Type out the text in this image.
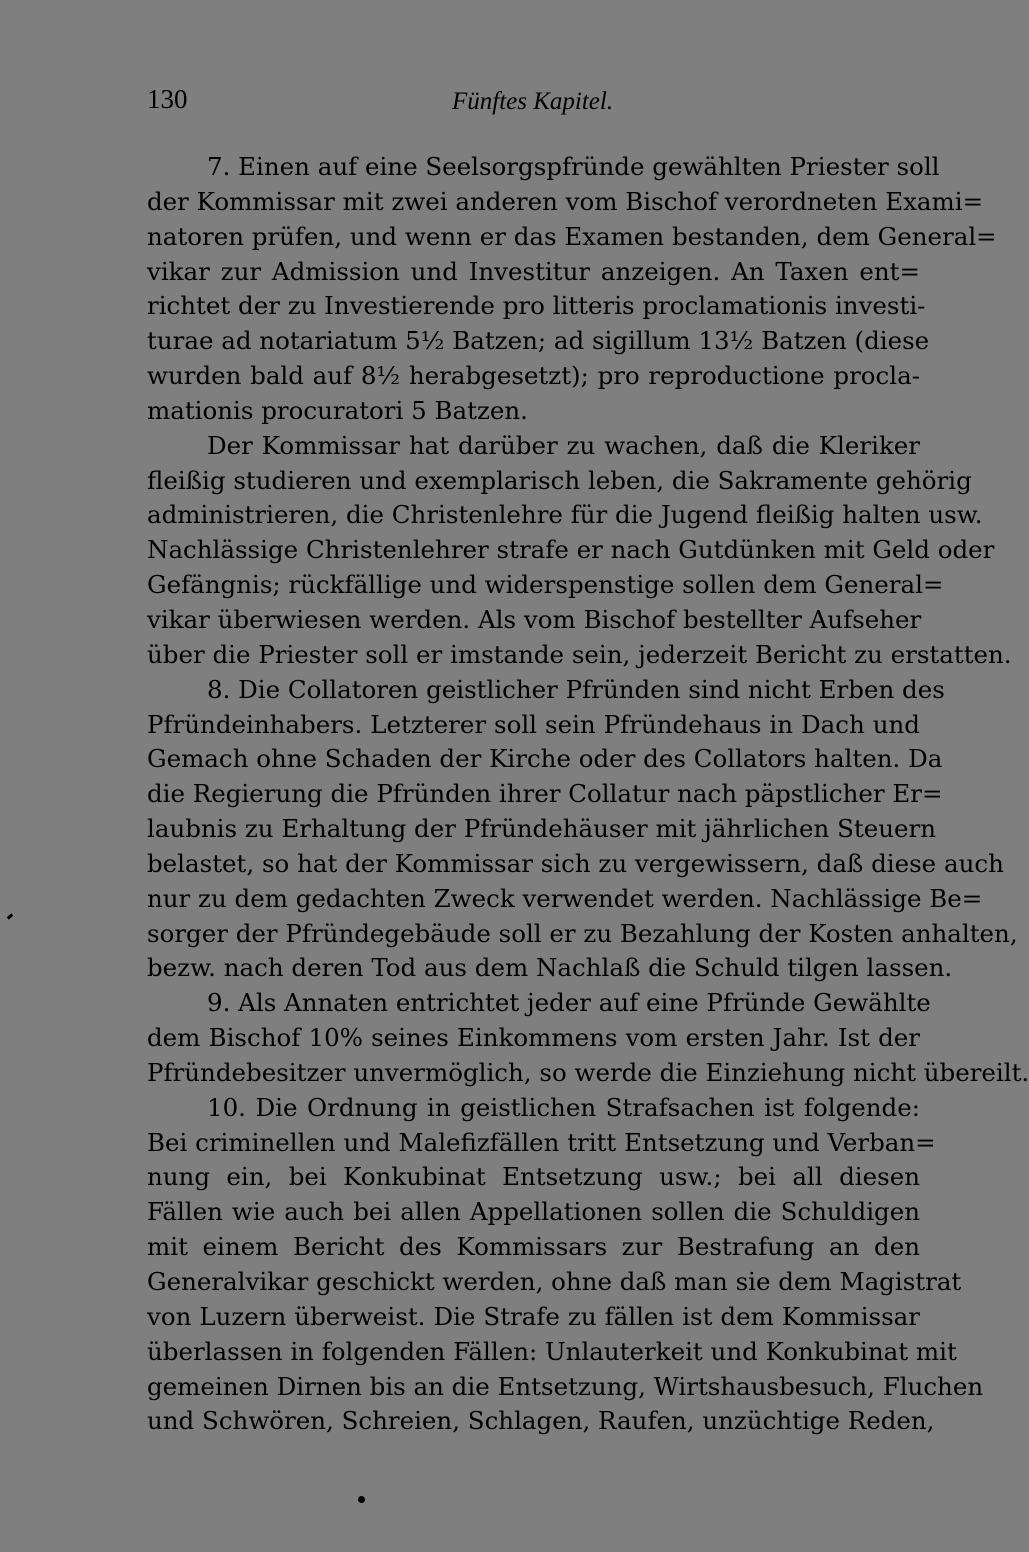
130	Fünftes Kapitel.
7. Einen auf eine Seelsorgspfründe gewählten Priester soll
der Kommissar mit zwei anderen vom Bischof verordneten Exami=
natoren prüfen, und wenn er das Examen bestanden, dem General=
vikar zur Admission und Investitur anzeigen. An Taxen ent=
richtet der zu Investierende pro litteris proclamationis investi-
turae ad notariatum 5½ Batzen; ad sigillum 13½ Batzen (diese
wurden bald auf 8½ herabgesetzt); pro reproductione procla-
mationis procuratori 5 Batzen.
Der Kommissar hat darüber zu wachen, daß die Kleriker
fleißig studieren und exemplarisch leben, die Sakramente gehörig
administrieren, die Christenlehre für die Jugend fleißig halten usw.
Nachlässige Christenlehrer strafe er nach Gutdünken mit Geld oder
Gefängnis; rückfällige und widerspenstige sollen dem General=
vikar überwiesen werden. Als vom Bischof bestellter Aufseher
über die Priester soll er imstande sein, jederzeit Bericht zu erstatten.
8. Die Collatoren geistlicher Pfründen sind nicht Erben des
Pfründeinhabers. Letzterer soll sein Pfründehaus in Dach und
Gemach ohne Schaden der Kirche oder des Collators halten. Da
die Regierung die Pfründen ihrer Collatur nach päpstlicher Er=
laubnis zu Erhaltung der Pfründehäuser mit jährlichen Steuern
belastet, so hat der Kommissar sich zu vergewissern, daß diese auch
nur zu dem gedachten Zweck verwendet werden. Nachlässige Be=
sorger der Pfründegebäude soll er zu Bezahlung der Kosten anhalten,
bezw. nach deren Tod aus dem Nachlaß die Schuld tilgen lassen.
9. Als Annaten entrichtet jeder auf eine Pfründe Gewählte
dem Bischof 10% seines Einkommens vom ersten Jahr. Ist der
Pfründebesitzer unvermöglich, so werde die Einziehung nicht übereilt.
10. Die Ordnung in geistlichen Strafsachen ist folgende:
Bei criminellen und Malefizfällen tritt Entsetzung und Verban=
nung ein, bei Konkubinat Entsetzung usw.; bei all diesen
Fällen wie auch bei allen Appellationen sollen die Schuldigen
mit einem Bericht des Kommissars zur Bestrafung an den
Generalvikar geschickt werden, ohne daß man sie dem Magistrat
von Luzern überweist. Die Strafe zu fällen ist dem Kommissar
überlassen in folgenden Fällen: Unlauterkeit und Konkubinat mit
gemeinen Dirnen bis an die Entsetzung, Wirtshausbesuch, Fluchen
und Schwören, Schreien, Schlagen, Raufen, unzüchtige Reden,
